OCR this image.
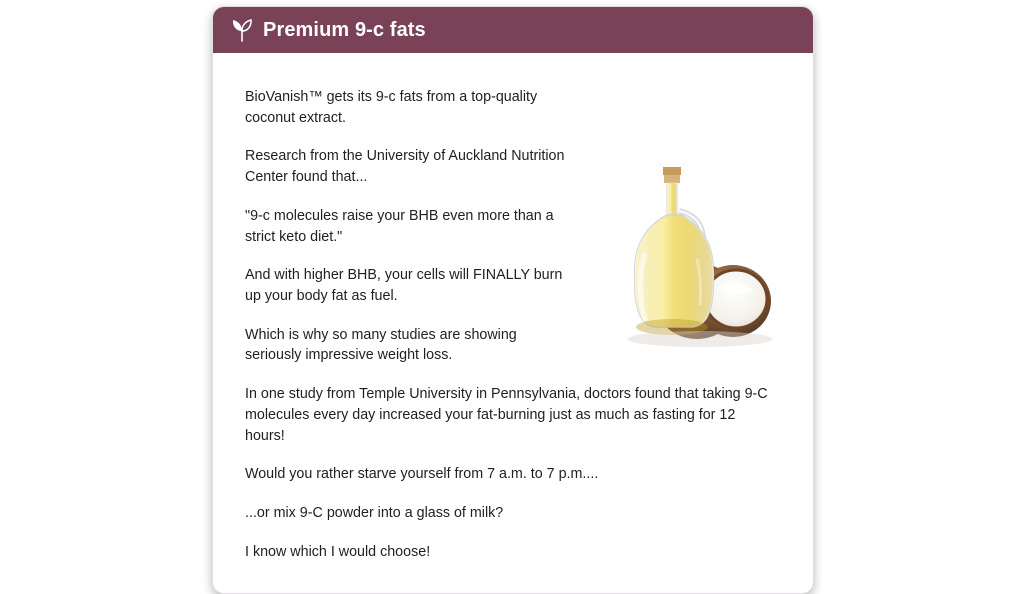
Premium 9-c fats

BioVanish™ gets its 9-c fats from a top-quality coconut extract.

Research from the University of Auckland Nutrition Center found that...

"9-c molecules raise your BHB even more than a strict keto diet."

And with higher BHB, your cells will FINALLY burn up your body fat as fuel.

Which is why so many studies are showing seriously impressive weight loss.

In one study from Temple University in Pennsylvania, doctors found that taking 9-C molecules every day increased your fat-burning just as much as fasting for 12 hours!

Would you rather starve yourself from 7 a.m. to 7 p.m....

...or mix 9-C powder into a glass of milk?

I know which I would choose!
